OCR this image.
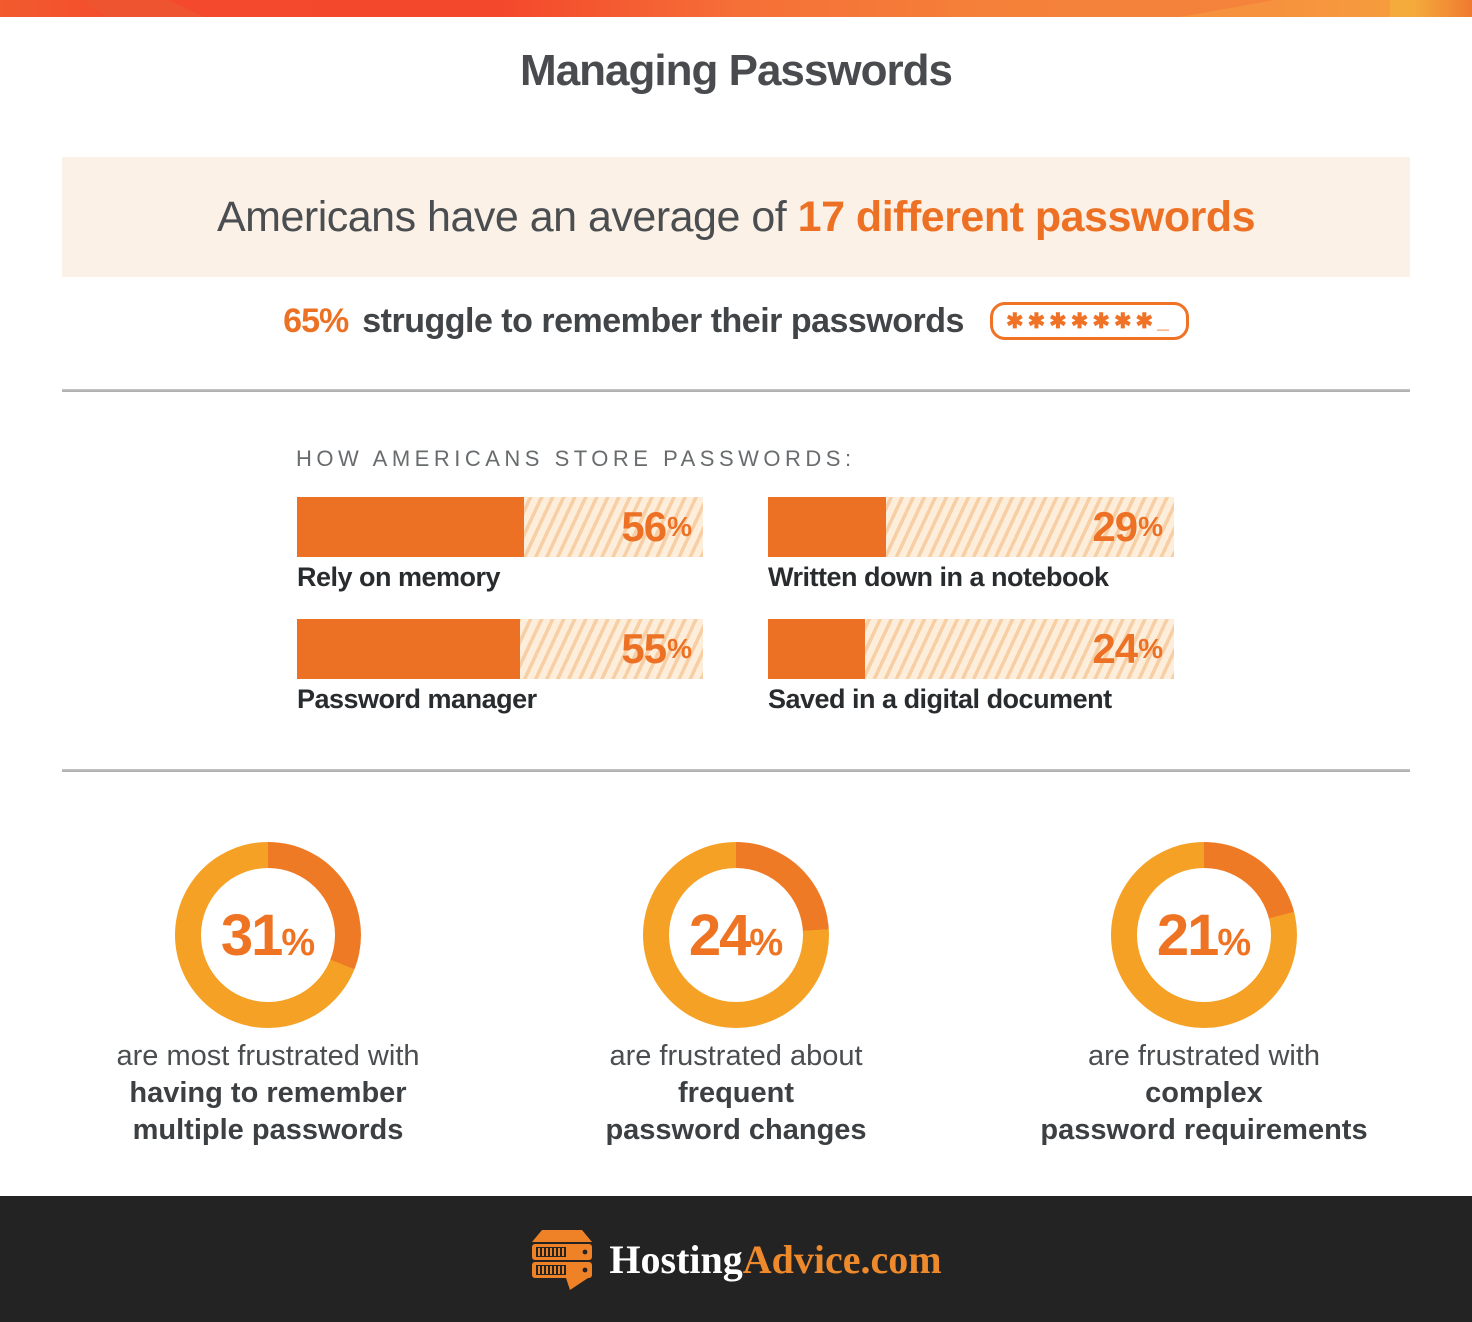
Managing Passwords
Americans have an average of 17 different passwords
65% struggle to remember their passwords ✱✱✱✱✱✱✱_
HOW AMERICANS STORE PASSWORDS:
56 %
Rely on memory
29 %
Written down in a notebook
55 %
Password manager
24 %
Saved in a digital document
31 %
are most frustrated with
having to remember
multiple passwords
24 %
are frustrated about
frequent
password changes
21 %
are frustrated with
complex
password requirements
HostingAdvice.com
